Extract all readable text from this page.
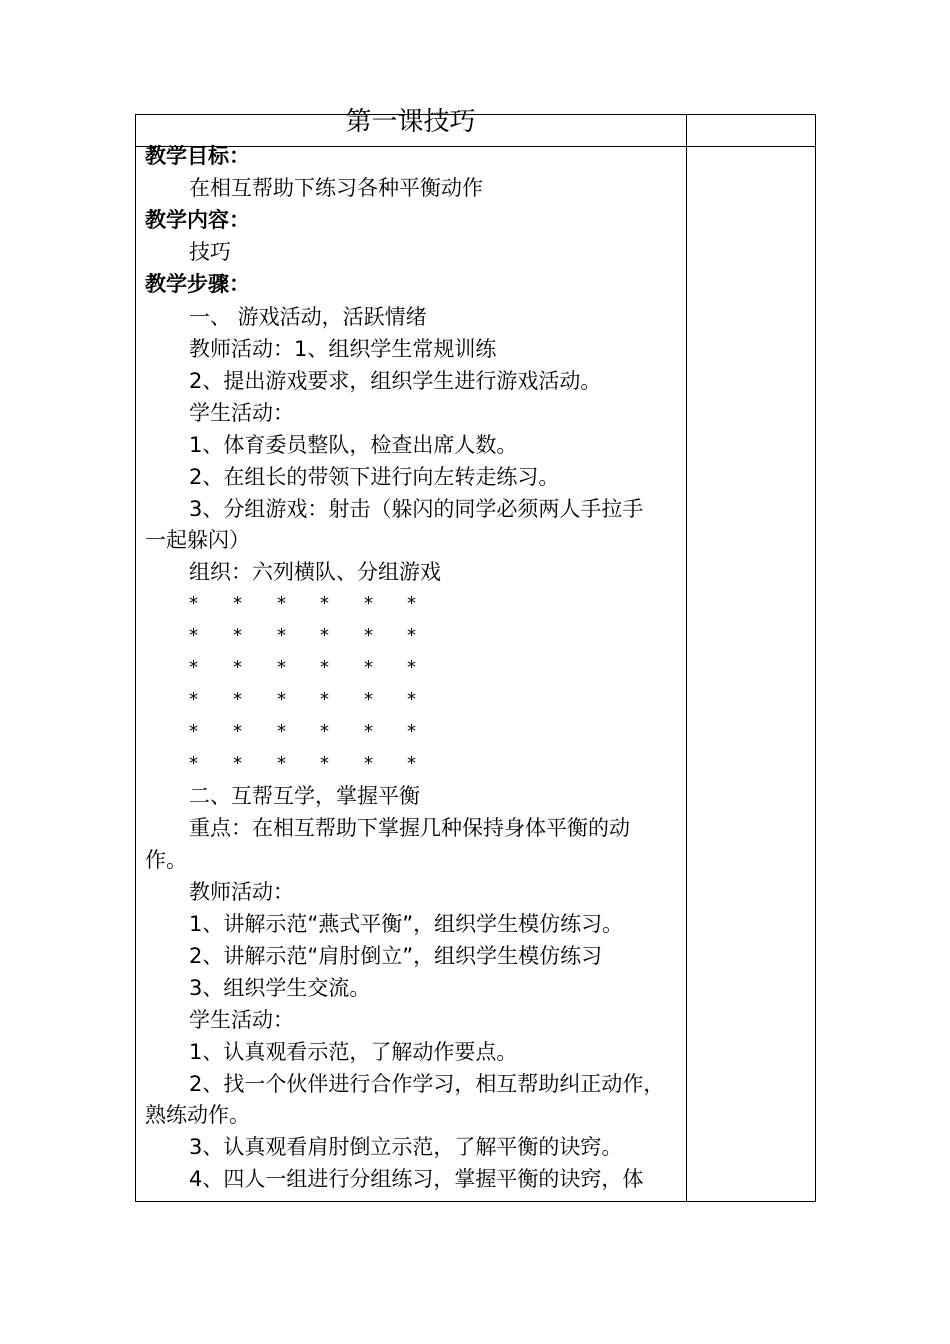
第一课技巧
教学目标：
在相互帮助下练习各种平衡动作
教学内容：
技巧
教学步骤：
一、 游戏活动，活跃情绪
教师活动：1、组织学生常规训练
2、提出游戏要求，组织学生进行游戏活动。
学生活动：
1、体育委员整队，检查出席人数。
2、在组长的带领下进行向左转走练习。
3、分组游戏：射击（躲闪的同学必须两人手拉手
一起躲闪）
组织：六列横队、分组游戏
* * * * * *
* * * * * *
* * * * * *
* * * * * *
* * * * * *
* * * * * *
二、互帮互学，掌握平衡
重点：在相互帮助下掌握几种保持身体平衡的动
作。
教师活动：
1、讲解示范“燕式平衡”，组织学生模仿练习。
2、讲解示范“肩肘倒立”，组织学生模仿练习
3、组织学生交流。
学生活动：
1、认真观看示范，了解动作要点。
2、找一个伙伴进行合作学习，相互帮助纠正动作，
熟练动作。
3、认真观看肩肘倒立示范，了解平衡的诀窍。
4、四人一组进行分组练习，掌握平衡的诀窍，体
